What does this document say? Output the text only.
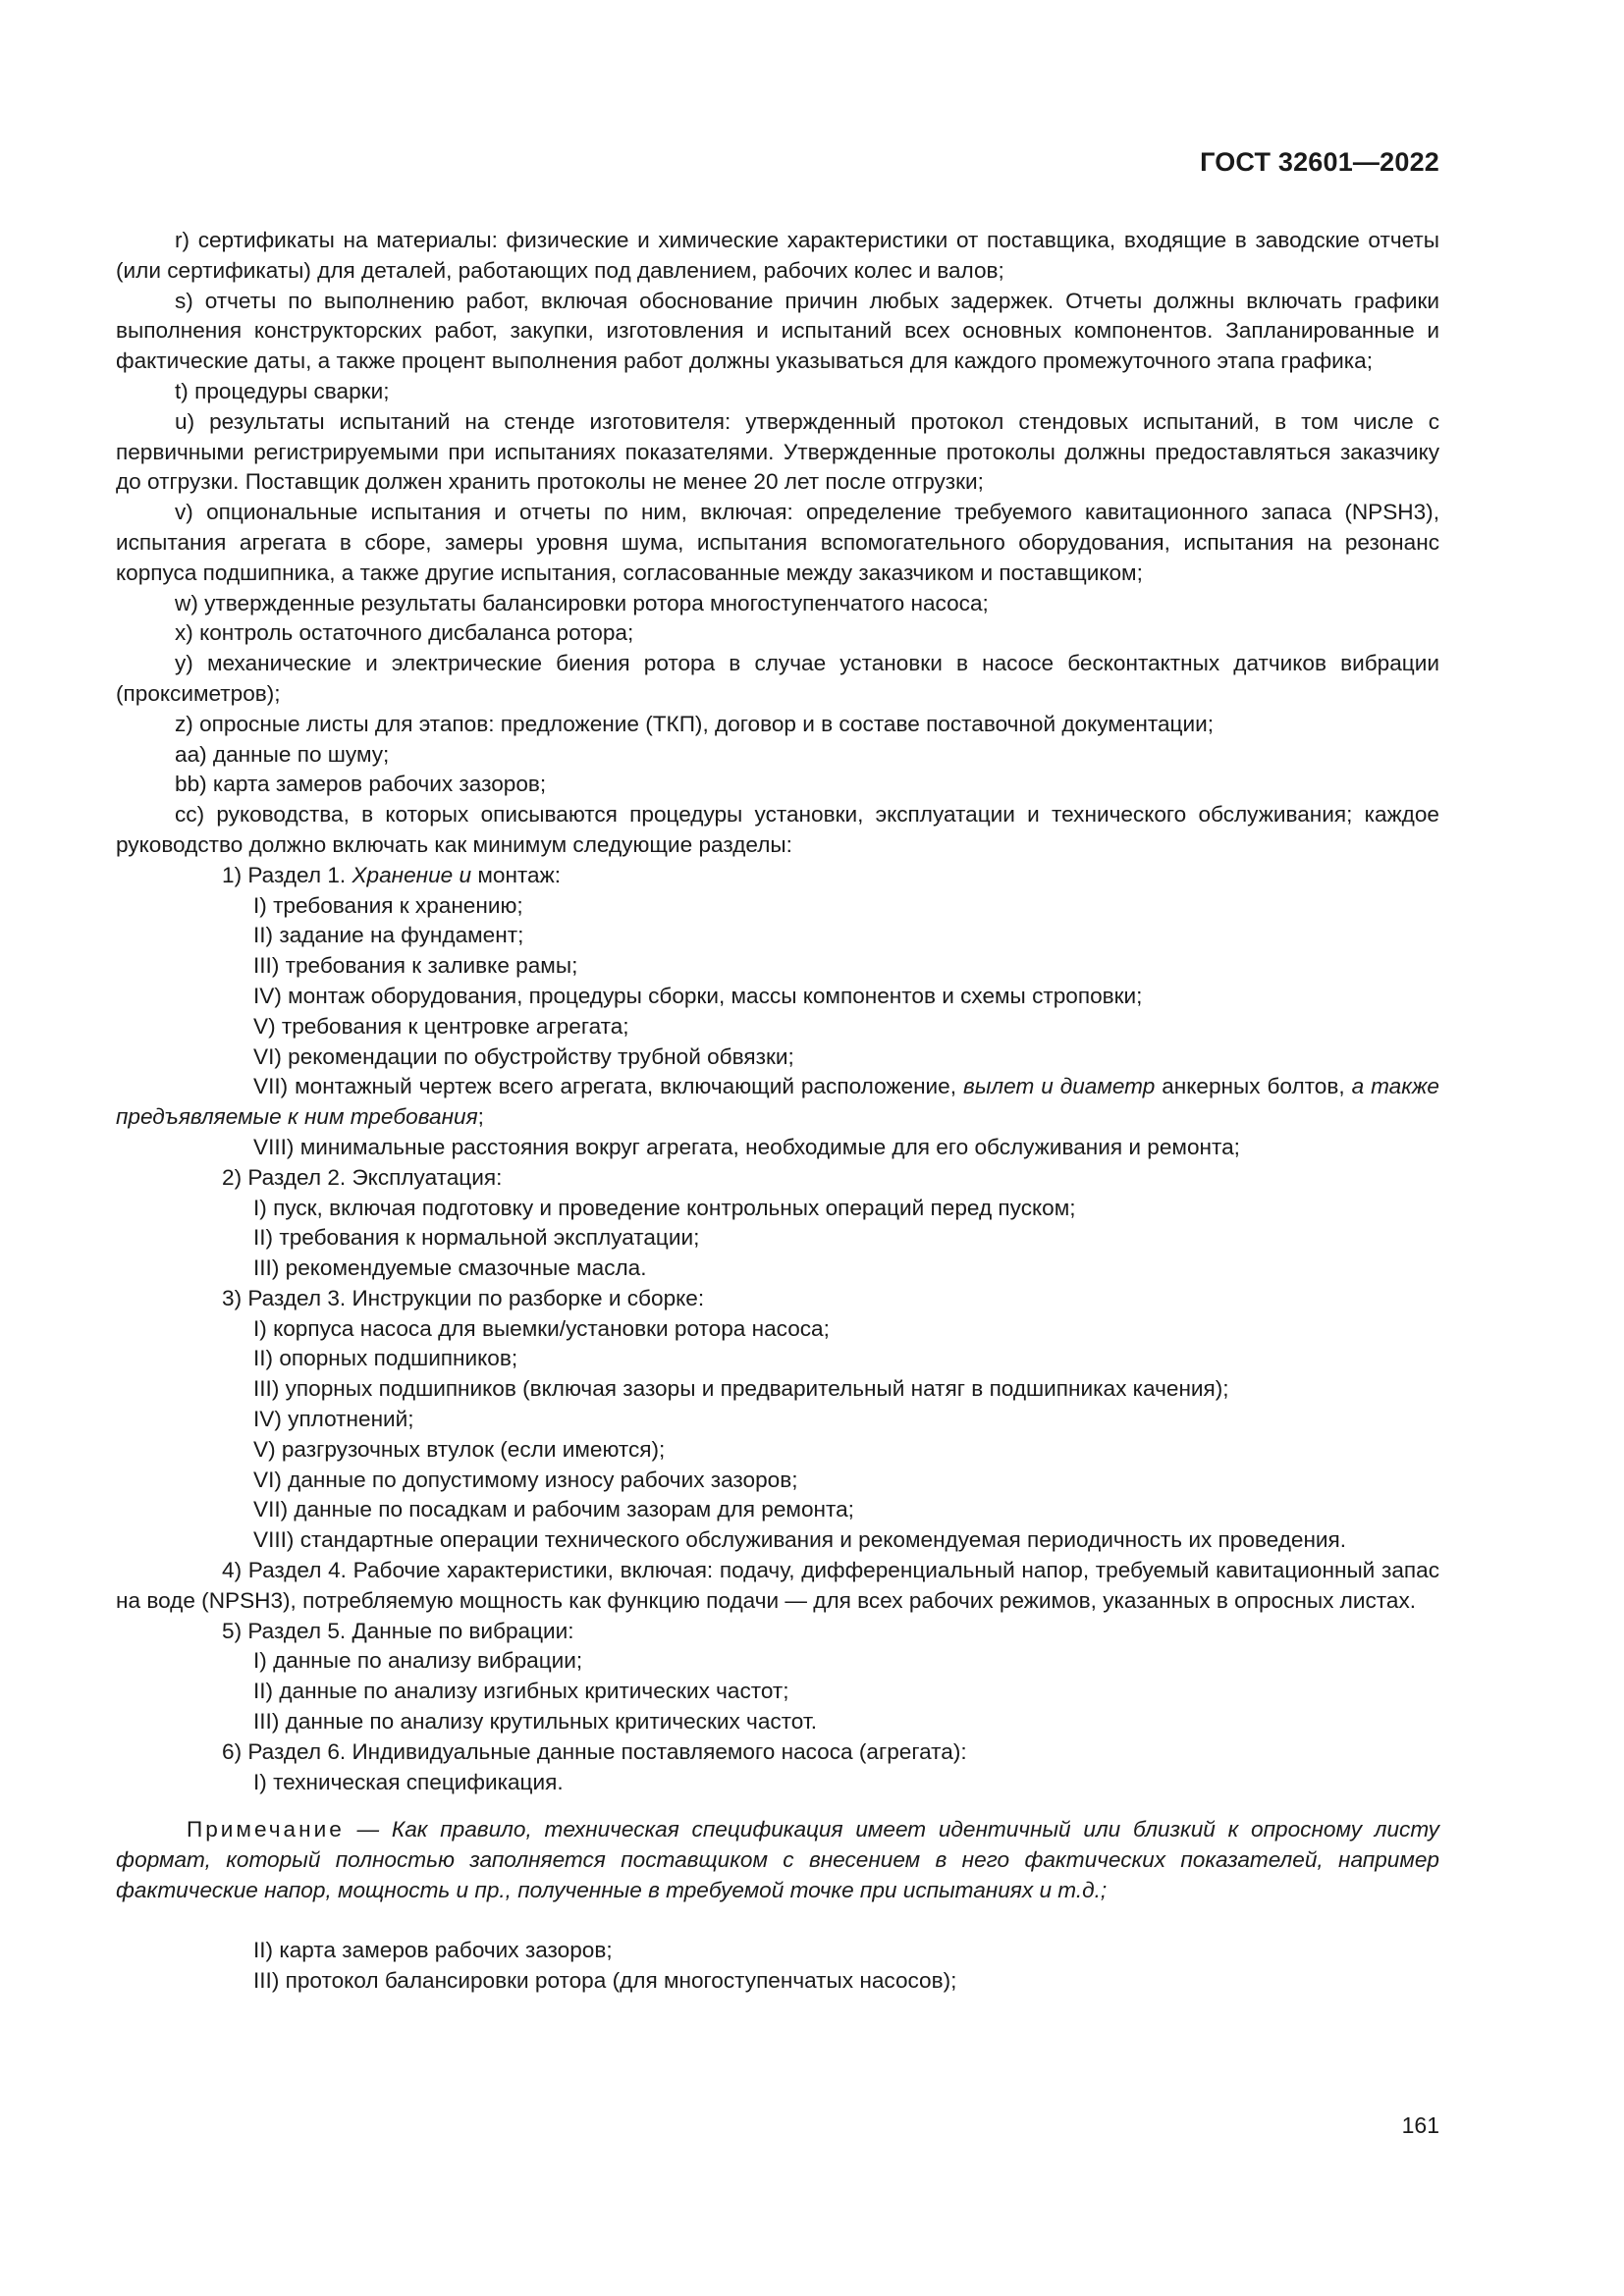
ГОСТ 32601—2022

r) сертификаты на материалы: физические и химические характеристики от поставщика, входящие в заводские отчеты (или сертификаты) для деталей, работающих под давлением, рабочих колес и валов;

s) отчеты по выполнению работ, включая обоснование причин любых задержек. Отчеты должны включать графики выполнения конструкторских работ, закупки, изготовления и испытаний всех основных компонентов. Запланированные и фактические даты, а также процент выполнения работ должны указываться для каждого промежуточного этапа графика;

t) процедуры сварки;

u) результаты испытаний на стенде изготовителя: утвержденный протокол стендовых испытаний, в том числе с первичными регистрируемыми при испытаниях показателями. Утвержденные протоколы должны предоставляться заказчику до отгрузки. Поставщик должен хранить протоколы не менее 20 лет после отгрузки;

v) опциональные испытания и отчеты по ним, включая: определение требуемого кавитационного запаса (NPSH3), испытания агрегата в сборе, замеры уровня шума, испытания вспомогательного оборудования, испытания на резонанс корпуса подшипника, а также другие испытания, согласованные между заказчиком и поставщиком;

w) утвержденные результаты балансировки ротора многоступенчатого насоса;

x) контроль остаточного дисбаланса ротора;

y) механические и электрические биения ротора в случае установки в насосе бесконтактных датчиков вибрации (проксиметров);

z) опросные листы для этапов: предложение (ТКП), договор и в составе поставочной документации;

аа) данные по шуму;

bb) карта замеров рабочих зазоров;

cc) руководства, в которых описываются процедуры установки, эксплуатации и технического обслуживания; каждое руководство должно включать как минимум следующие разделы:

1) Раздел 1. Хранение и монтаж:

I) требования к хранению;

II) задание на фундамент;

III) требования к заливке рамы;

IV) монтаж оборудования, процедуры сборки, массы компонентов и схемы строповки;

V) требования к центровке агрегата;

VI) рекомендации по обустройству трубной обвязки;

VII) монтажный чертеж всего агрегата, включающий расположение, вылет и диаметр анкерных болтов, а также предъявляемые к ним требования;

VIII) минимальные расстояния вокруг агрегата, необходимые для его обслуживания и ремонта;

2) Раздел 2. Эксплуатация:

I) пуск, включая подготовку и проведение контрольных операций перед пуском;

II) требования к нормальной эксплуатации;

III) рекомендуемые смазочные масла.

3) Раздел 3. Инструкции по разборке и сборке:

I) корпуса насоса для выемки/установки ротора насоса;

II) опорных подшипников;

III) упорных подшипников (включая зазоры и предварительный натяг в подшипниках качения);

IV) уплотнений;

V) разгрузочных втулок (если имеются);

VI) данные по допустимому износу рабочих зазоров;

VII) данные по посадкам и рабочим зазорам для ремонта;

VIII) стандартные операции технического обслуживания и рекомендуемая периодичность их проведения.

4) Раздел 4. Рабочие характеристики, включая: подачу, дифференциальный напор, требуемый кавитационный запас на воде (NPSH3), потребляемую мощность как функцию подачи — для всех рабочих режимов, указанных в опросных листах.

5) Раздел 5. Данные по вибрации:

I) данные по анализу вибрации;

II) данные по анализу изгибных критических частот;

III) данные по анализу крутильных критических частот.

6) Раздел 6. Индивидуальные данные поставляемого насоса (агрегата):

I) техническая спецификация.

Примечание — Как правило, техническая спецификация имеет идентичный или близкий к опросному листу формат, который полностью заполняется поставщиком с внесением в него фактических показателей, например фактические напор, мощность и пр., полученные в требуемой точке при испытаниях и т.д.;

II) карта замеров рабочих зазоров;

III) протокол балансировки ротора (для многоступенчатых насосов);

161
